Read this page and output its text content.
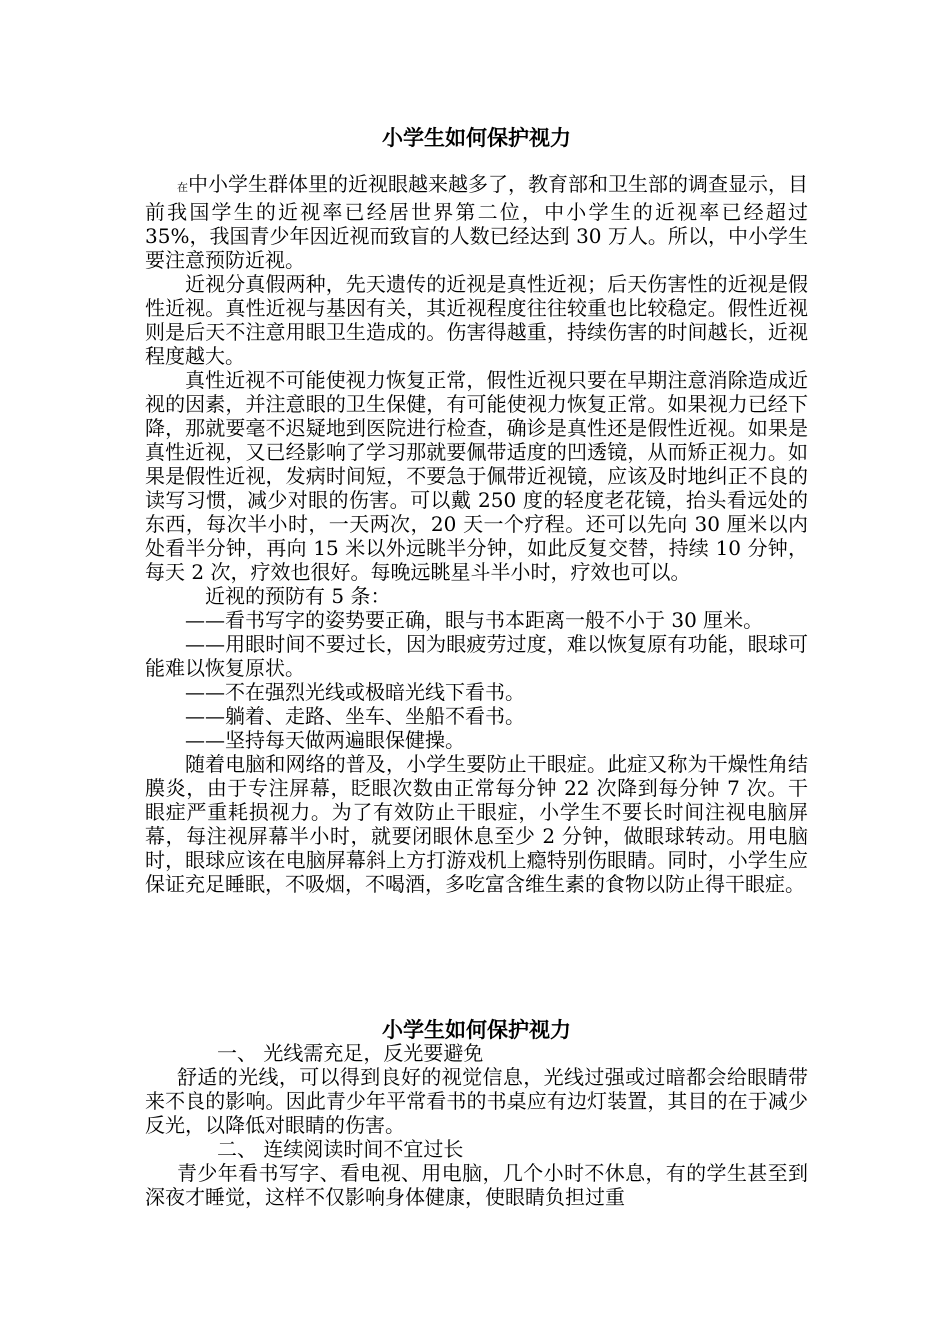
小学生如何保护视力

在中小学生群体里的近视眼越来越多了，教育部和卫生部的调查显示，目前我国学生的近视率已经居世界第二位，中小学生的近视率已经超过 35%，我国青少年因近视而致盲的人数已经达到 30 万人。所以，中小学生要注意预防近视。

近视分真假两种，先天遗传的近视是真性近视；后天伤害性的近视是假性近视。真性近视与基因有关，其近视程度往往较重也比较稳定。假性近视则是后天不注意用眼卫生造成的。伤害得越重，持续伤害的时间越长，近视程度越大。

真性近视不可能使视力恢复正常，假性近视只要在早期注意消除造成近视的因素，并注意眼的卫生保健，有可能使视力恢复正常。如果视力已经下降，那就要毫不迟疑地到医院进行检查，确诊是真性还是假性近视。如果是真性近视，又已经影响了学习那就要佩带适度的凹透镜，从而矫正视力。如果是假性近视，发病时间短，不要急于佩带近视镜，应该及时地纠正不良的读写习惯，减少对眼的伤害。可以戴 250 度的轻度老花镜，抬头看远处的东西，每次半小时，一天两次，20 天一个疗程。还可以先向 30 厘米以内处看半分钟，再向 15 米以外远眺半分钟，如此反复交替，持续 10 分钟，每天 2 次，疗效也很好。每晚远眺星斗半小时，疗效也可以。

近视的预防有 5 条：

——看书写字的姿势要正确，眼与书本距离一般不小于 30 厘米。

——用眼时间不要过长，因为眼疲劳过度，难以恢复原有功能，眼球可能难以恢复原状。

——不在强烈光线或极暗光线下看书。

——躺着、走路、坐车、坐船不看书。

——坚持每天做两遍眼保健操。

随着电脑和网络的普及，小学生要防止干眼症。此症又称为干燥性角结膜炎，由于专注屏幕，眨眼次数由正常每分钟 22 次降到每分钟 7 次。干眼症严重耗损视力。为了有效防止干眼症，小学生不要长时间注视电脑屏幕，每注视屏幕半小时，就要闭眼休息至少 2 分钟，做眼球转动。用电脑时，眼球应该在电脑屏幕斜上方打游戏机上瘾特别伤眼睛。同时，小学生应保证充足睡眠，不吸烟，不喝酒，多吃富含维生素的食物以防止得干眼症。

小学生如何保护视力

一、 光线需充足，反光要避免

舒适的光线，可以得到良好的视觉信息，光线过强或过暗都会给眼睛带来不良的影响。因此青少年平常看书的书桌应有边灯装置，其目的在于减少反光，以降低对眼睛的伤害。

二、 连续阅读时间不宜过长

青少年看书写字、看电视、用电脑，几个小时不休息，有的学生甚至到深夜才睡觉，这样不仅影响身体健康，使眼睛负担过重
